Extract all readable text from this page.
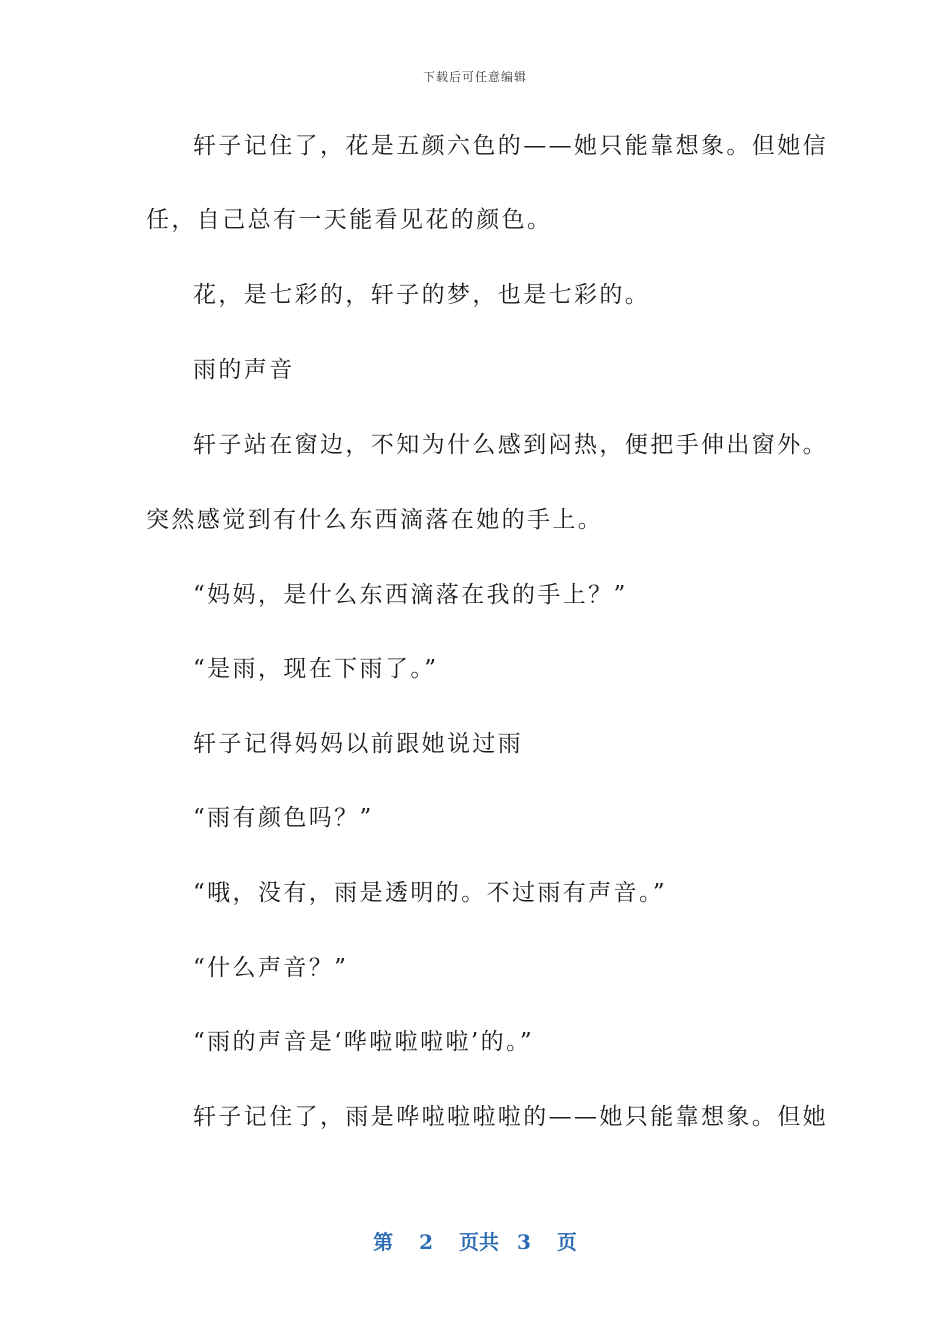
下载后可任意编辑
轩子记住了，花是五颜六色的——她只能靠想象。但她信
任，自己总有一天能看见花的颜色。
花，是七彩的，轩子的梦，也是七彩的。
雨的声音
轩子站在窗边，不知为什么感到闷热，便把手伸出窗外。
突然感觉到有什么东西滴落在她的手上。
“妈妈，是什么东西滴落在我的手上？”
“是雨，现在下雨了。”
轩子记得妈妈以前跟她说过雨
“雨有颜色吗？”
“哦，没有，雨是透明的。不过雨有声音。”
“什么声音？”
“雨的声音是‘哗啦啦啦啦’的。”
轩子记住了，雨是哗啦啦啦啦的——她只能靠想象。但她
第 2 页共 3 页
